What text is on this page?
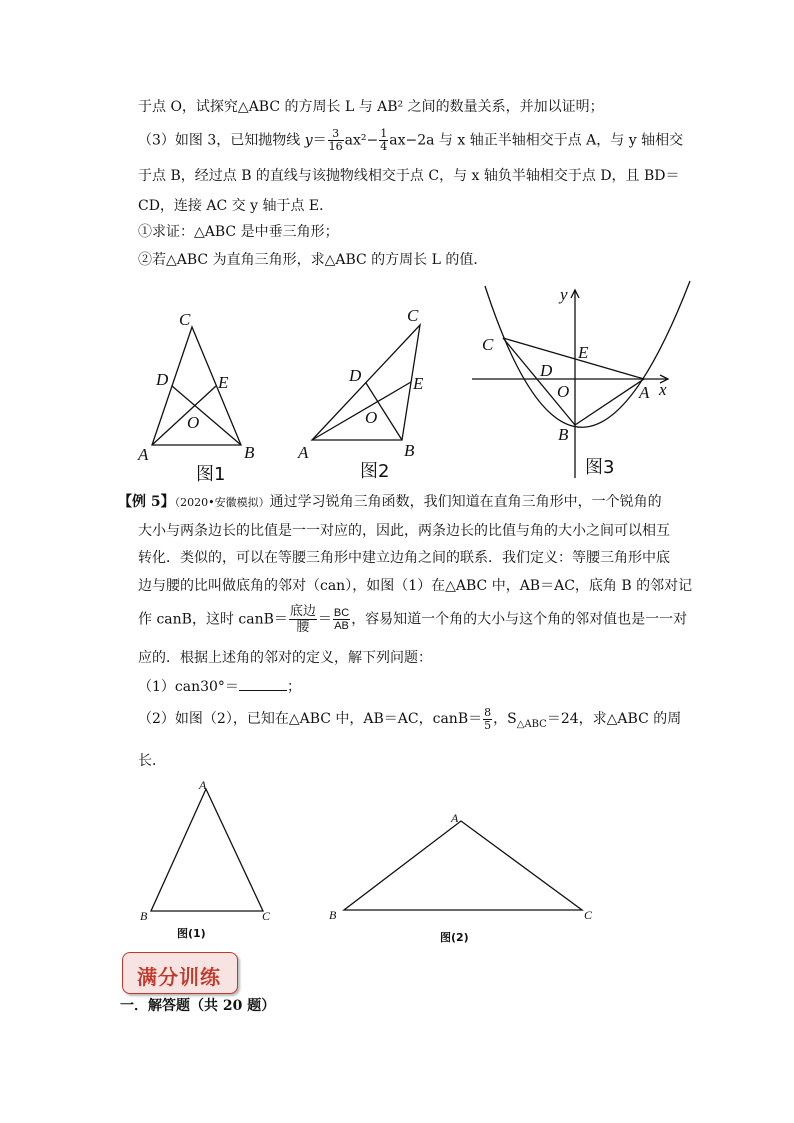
于点 O，试探究△ABC 的方周长 L 与 AB² 之间的数量关系，并加以证明；
（3）如图 3，已知抛物线 $y= \frac{3}{16} ax^2- \frac{1}{4} ax-2a$ 与 x 轴正半轴相交于点 A，与 y 轴相交
于点 B，经过点 B 的直线与该抛物线相交于点 C，与 x 轴负半轴相交于点 D，且 BD＝
CD，连接 AC 交 y 轴于点 E．
①求证：△ABC 是中垂三角形；
②若△ABC 为直角三角形，求△ABC 的方周长 L 的值．
C
D	E
O
A	B
图1
C
D	E
O
A	B
图2
y
x
C	E
D
O	A
B
图3
【例 5】（2020•安徽模拟）通过学习锐角三角函数，我们知道在直角三角形中，一个锐角的
大小与两条边长的比值是一一对应的，因此，两条边长的比值与角的大小之间可以相互
转化．类似的，可以在等腰三角形中建立边角之间的联系．我们定义：等腰三角形中底
边与腰的比叫做底角的邻对（can），如图（1）在△ABC 中，AB＝AC，底角 B 的邻对记
作 canB，这时 canB＝ $\frac{\text{底边}}{\text{腰}} = \frac{BC}{AB}$ ，容易知道一个角的大小与这个角的邻对值也是一一对
应的．根据上述角的邻对的定义，解下列问题：
（1）can30°＝	；
（2）如图（2），已知在△ABC 中，AB＝AC，canB＝ $\frac{8}{5}$ ，$S_{\triangle ABC}=24$，求△ABC 的周
长．
A
B	C
图(1)
A
B	C
图(2)
满分训练
一．解答题（共 20 题）
